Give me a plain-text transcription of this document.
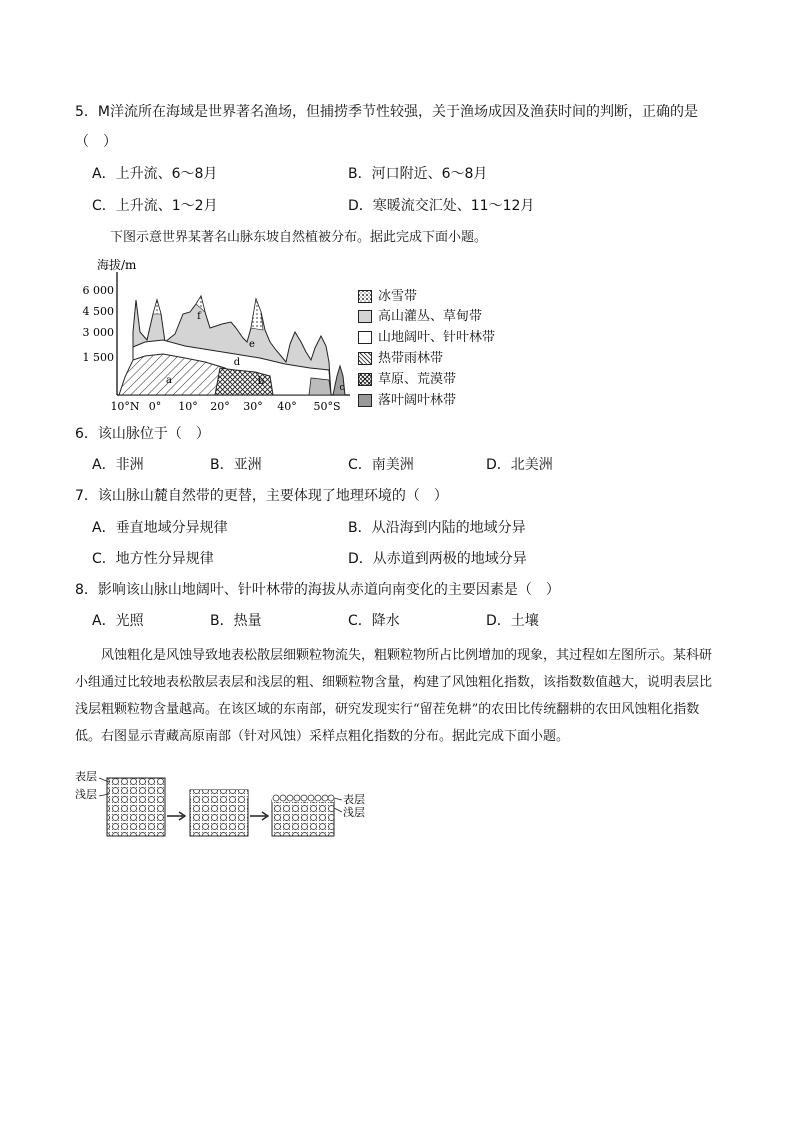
5．M洋流所在海域是世界著名渔场，但捕捞季节性较强，关于渔场成因及渔获时间的判断，正确的是
（　）
A．上升流、6～8月	B．河口附近、6～8月
C．上升流、1～2月	D．寒暖流交汇处、11～12月
下图示意世界某著名山脉东坡自然植被分布。据此完成下面小题。
f
e
d
a	b
c
海拔/m
6 000
4 500
3 000
1 500
10°N 0° 10° 20° 30° 40° 50°S
冰雪带
高山灌丛、草甸带
山地阔叶、针叶林带
热带雨林带
草原、荒漠带
落叶阔叶林带
6．该山脉位于（　）
A．非洲	B．亚洲	C．南美洲	D．北美洲
7．该山脉山麓自然带的更替，主要体现了地理环境的（　）
A．垂直地域分异规律	B．从沿海到内陆的地域分异
C．地方性分异规律	D．从赤道到两极的地域分异
8．影响该山脉山地阔叶、针叶林带的海拔从赤道向南变化的主要因素是（　）
A．光照	B．热量	C．降水	D．土壤
风蚀粗化是风蚀导致地表松散层细颗粒物流失，粗颗粒物所占比例增加的现象，其过程如左图所示。某科研小组通过比较地表松散层表层和浅层的粗、细颗粒物含量，构建了风蚀粗化指数，该指数数值越大，说明表层比浅层粗颗粒物含量越高。在该区域的东南部，研究发现实行“留茬免耕”的农田比传统翻耕的农田风蚀粗化指数低。右图显示青藏高原南部（针对风蚀）采样点粗化指数的分布。据此完成下面小题。
表层
浅层	表层
浅层
